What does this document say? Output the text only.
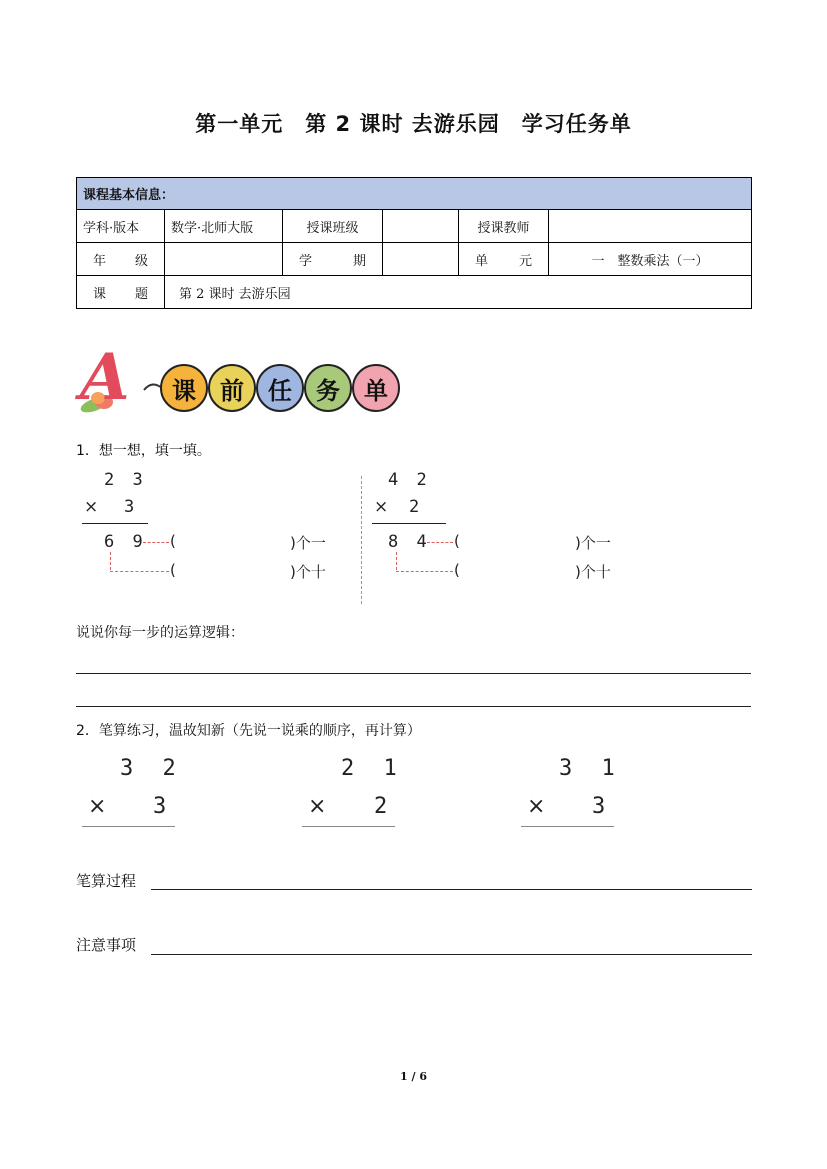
第一单元　第 2 课时 去游乐园　学习任务单
课程基本信息：					
学科·版本	数学·北师大版	授课班级		授课教师	

年 级		学 期		单 元	一　整数乘法（一）

课 题	第 2 课时 去游乐园				
A	课	前	任	务	单
1．想一想，填一填。
2 3
× 3
6 9 (	)个一
(	)个十
4 2
× 2
8 4 (	)个一
(	)个十
说说你每一步的运算逻辑：
2．笔算练习，温故知新（先说一说乘的顺序，再计算）
3 2
× 3
2 1
× 2
3 1
× 3
笔算过程
注意事项
1 / 6
